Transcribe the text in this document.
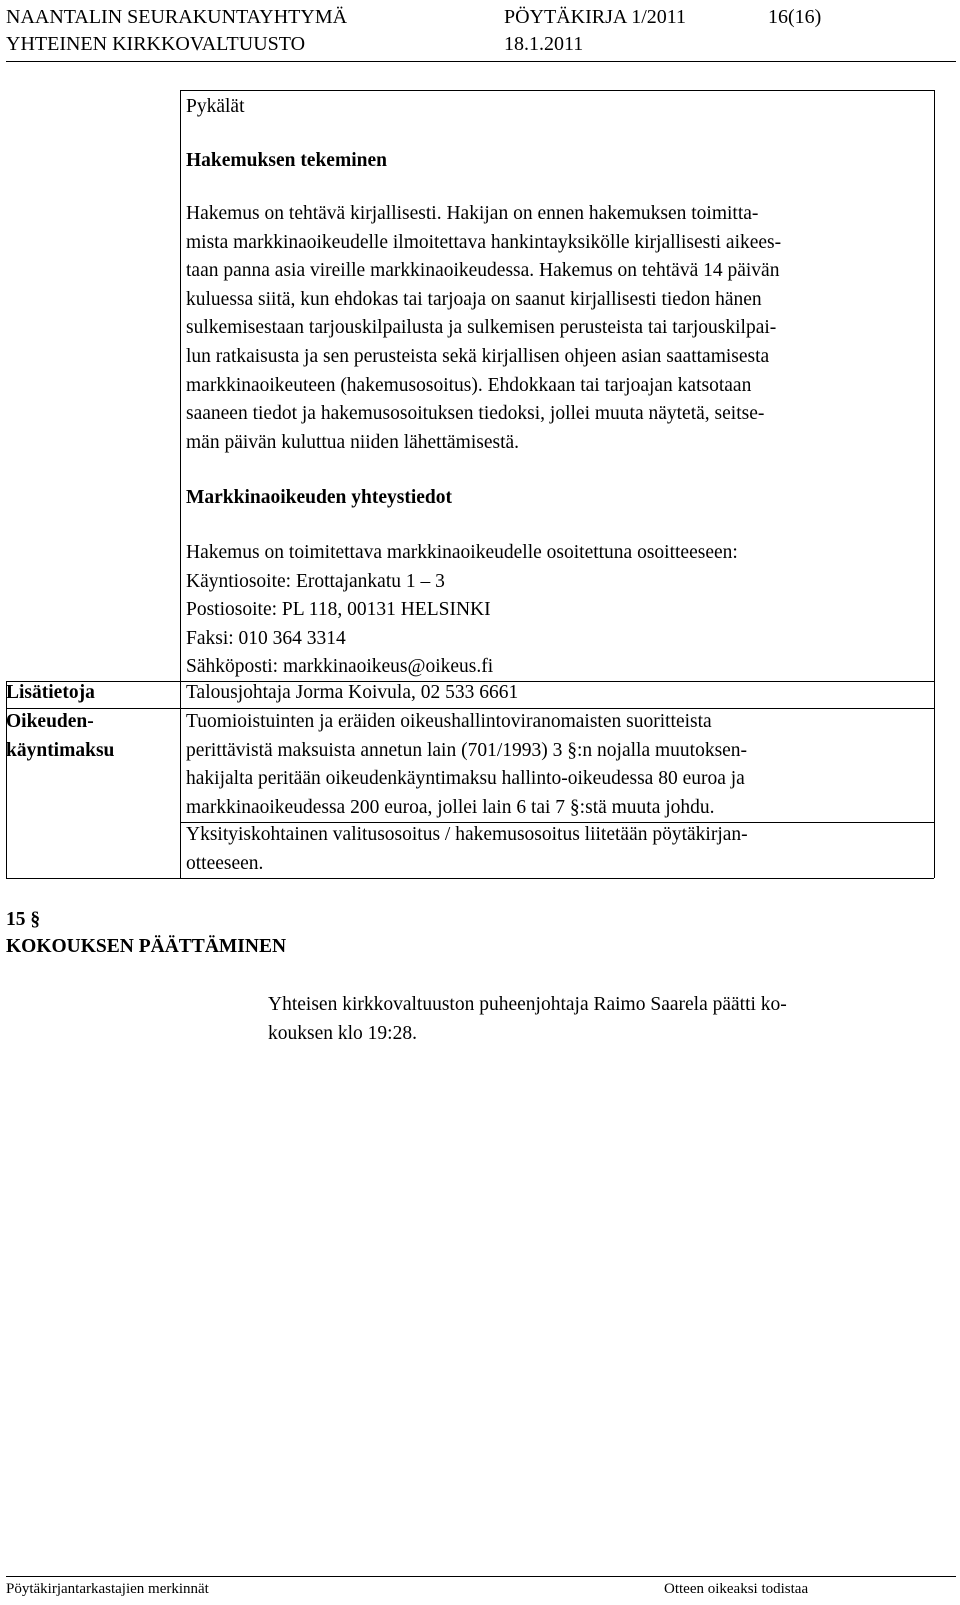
NAANTALIN SEURAKUNTAYHTYMÄ
YHTEINEN KIRKKOVALTUUSTO
PÖYTÄKIRJA 1/2011
18.1.2011
16(16)
Pykälät
Hakemuksen tekeminen
Hakemus on tehtävä kirjallisesti. Hakijan on ennen hakemuksen toimitta-
mista markkinaoikeudelle ilmoitettava hankintayksikölle kirjallisesti aikees-
taan panna asia vireille markkinaoikeudessa. Hakemus on tehtävä 14 päivän
kuluessa siitä, kun ehdokas tai tarjoaja on saanut kirjallisesti tiedon hänen
sulkemisestaan tarjouskilpailusta ja sulkemisen perusteista tai tarjouskilpai-
lun ratkaisusta ja sen perusteista sekä kirjallisen ohjeen asian saattamisesta
markkinaoikeuteen (hakemusosoitus). Ehdokkaan tai tarjoajan katsotaan
saaneen tiedot ja hakemusosoituksen tiedoksi, jollei muuta näytetä, seitse-
män päivän kuluttua niiden lähettämisestä.
Markkinaoikeuden yhteystiedot
Hakemus on toimitettava markkinaoikeudelle osoitettuna osoitteeseen:
Käyntiosoite: Erottajankatu 1 – 3
Postiosoite: PL 118, 00131 HELSINKI
Faksi: 010 364 3314
Sähköposti: markkinaoikeus@oikeus.fi
Lisätietoja	Talousjohtaja Jorma Koivula, 02 533 6661
Oikeuden-
käyntimaksu
Tuomioistuinten ja eräiden oikeushallintoviranomaisten suoritteista
perittävistä maksuista annetun lain (701/1993) 3 §:n nojalla muutoksen-
hakijalta peritään oikeudenkäyntimaksu hallinto-oikeudessa 80 euroa ja
markkinaoikeudessa 200 euroa, jollei lain 6 tai 7 §:stä muuta johdu.
Yksityiskohtainen valitusosoitus / hakemusosoitus liitetään pöytäkirjan-
otteeseen.
15 §
KOKOUKSEN PÄÄTTÄMINEN
Yhteisen kirkkovaltuuston puheenjohtaja Raimo Saarela päätti ko-
kouksen klo 19:28.
Pöytäkirjantarkastajien merkinnät	Otteen oikeaksi todistaa
